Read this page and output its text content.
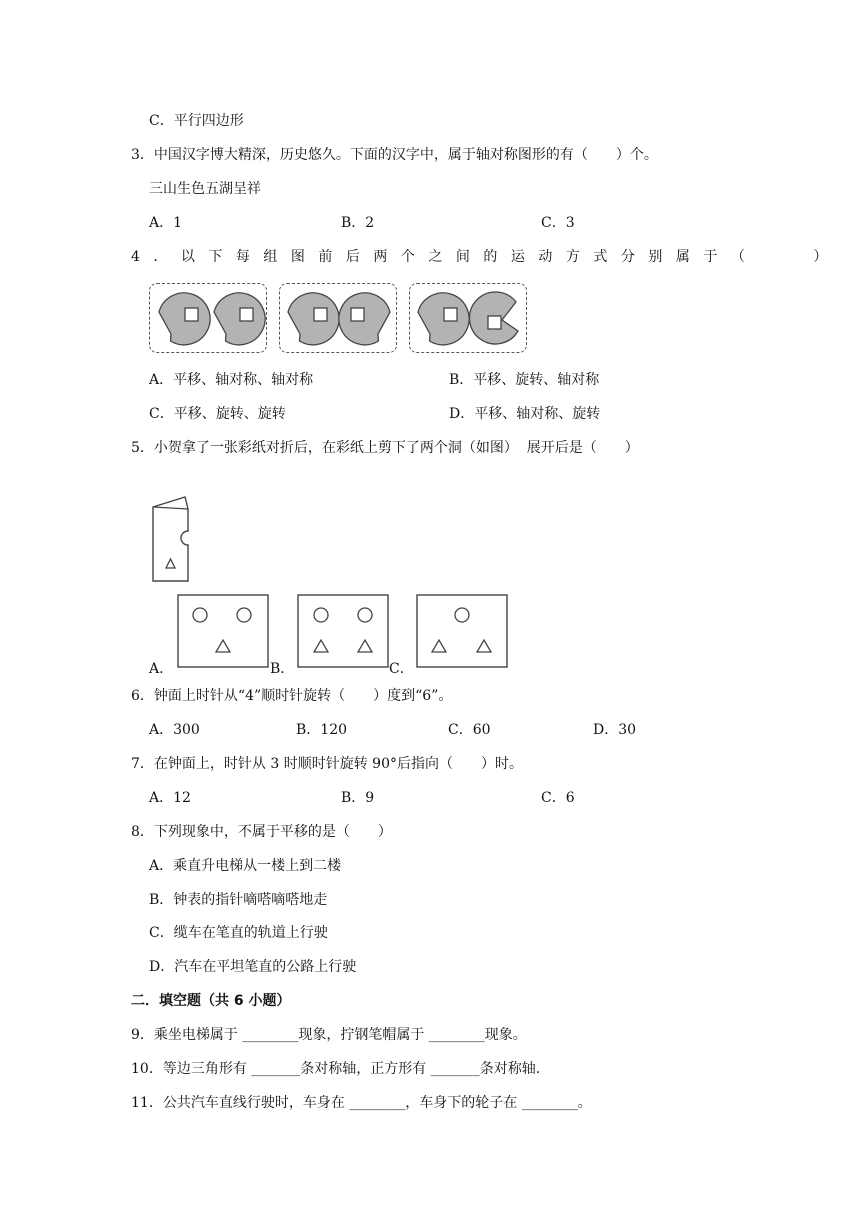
C．平行四边形
3．中国汉字博大精深，历史悠久。下面的汉字中，属于轴对称图形的有（　　）个。
三山生色五湖呈祥
A．1	B．2	C．3
4．以下每组图前后两个之间的运动方式分别属于（　　）
A．平移、轴对称、轴对称	B．平移、旋转、轴对称
C．平移、旋转、旋转	D．平移、轴对称、旋转
5．小贺拿了一张彩纸对折后，在彩纸上剪下了两个洞（如图）  展开后是（　　）
A．	B．	C．
6．钟面上时针从“4”顺时针旋转（　　）度到“6”。
A．300	B．120	C．60	D．30
7．在钟面上，时针从 3 时顺时针旋转 90°后指向（　　）时。
A．12	B．9	C．6
8．下列现象中，不属于平移的是（　　）
A．乘直升电梯从一楼上到二楼
B．钟表的指针嘀嗒嘀嗒地走
C．缆车在笔直的轨道上行驶
D．汽车在平坦笔直的公路上行驶
二．填空题（共 6 小题）
9．乘坐电梯属于 ________现象，拧钢笔帽属于 ________现象。
10．等边三角形有 _______条对称轴，正方形有 _______条对称轴.
11．公共汽车直线行驶时，车身在 ________，车身下的轮子在 ________。
